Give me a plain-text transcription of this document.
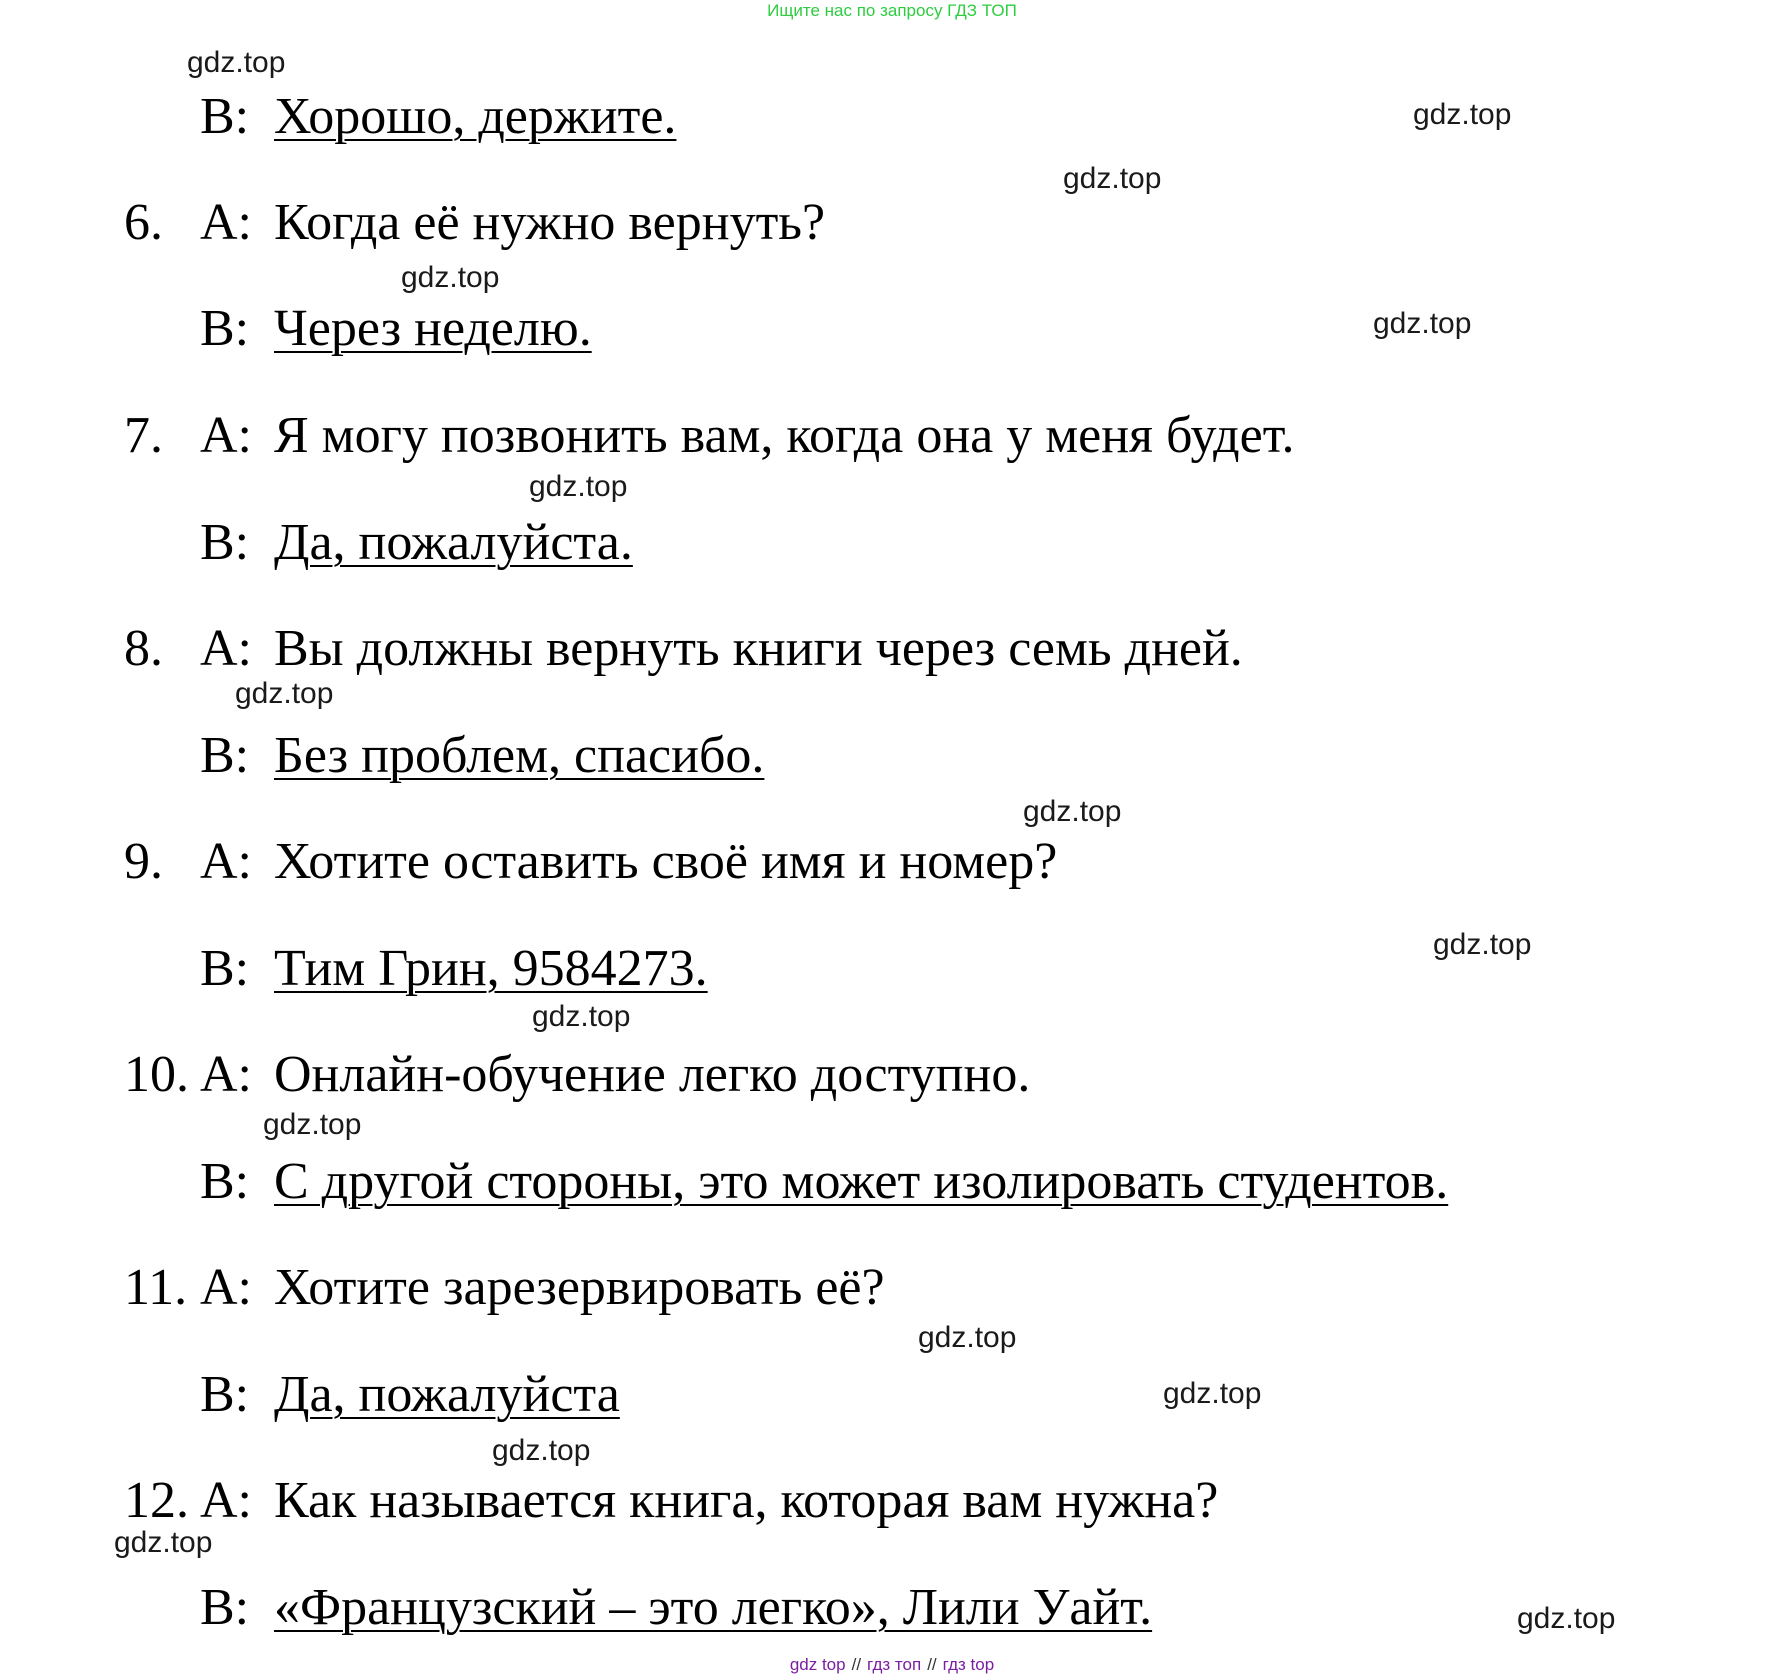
Ищите нас по запросу ГДЗ ТОП
B: Хорошо, держите.
6. A: Когда её нужно вернуть?
B: Через неделю.
7. A: Я могу позвонить вам, когда она у меня будет.
B: Да, пожалуйста.
8. A: Вы должны вернуть книги через семь дней.
B: Без проблем, спасибо.
9. A: Хотите оставить своё имя и номер?
B: Тим Грин, 9584273.
10. A: Онлайн-обучение легко доступно.
B: С другой стороны, это может изолировать студентов.
11. A: Хотите зарезервировать её?
B: Да, пожалуйста
12. A: Как называется книга, которая вам нужна?
B: «Французский – это легко», Лили Уайт.
gdz.top
gdz.top
gdz.top
gdz.top
gdz.top
gdz.top
gdz.top
gdz.top
gdz.top
gdz.top
gdz.top
gdz.top
gdz.top
gdz.top
gdz.top
gdz.top
gdz top // гдз топ // гдз top
